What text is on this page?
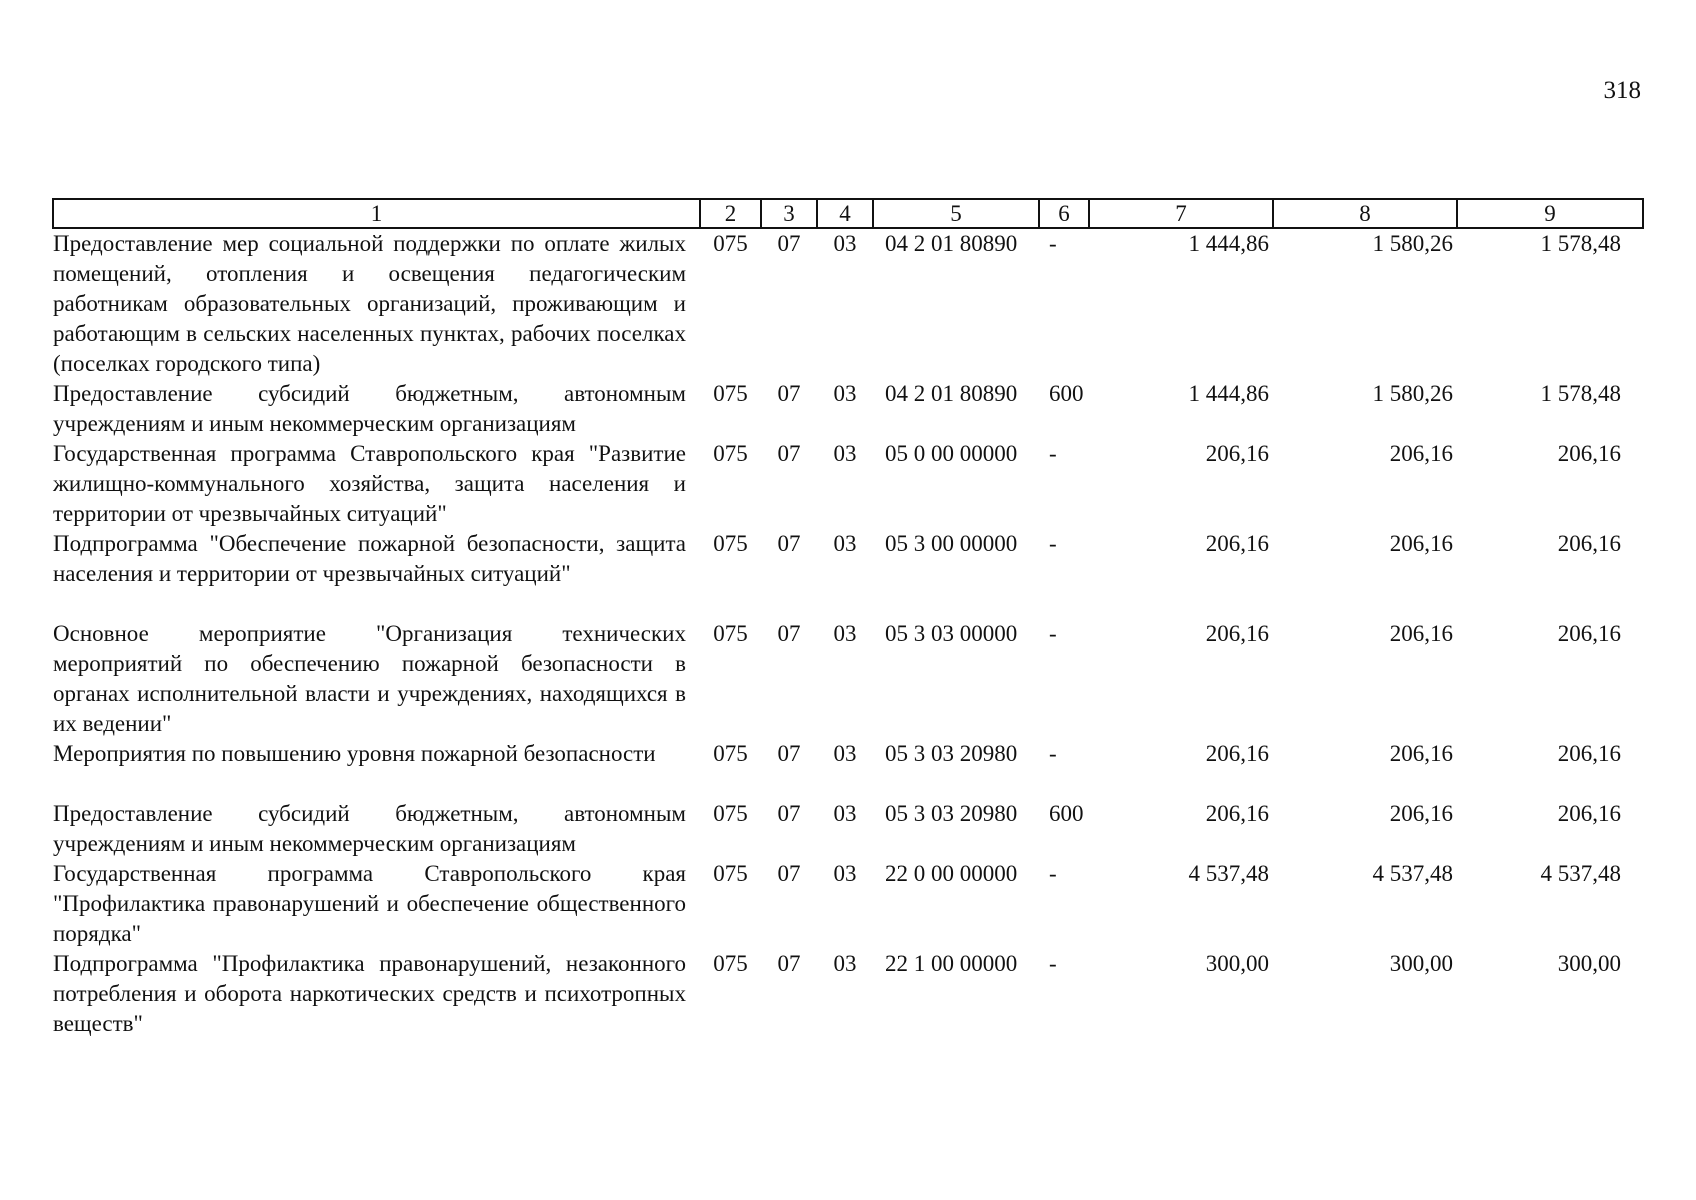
318
1	2	3	4	5	6	7	8	9
Предоставление мер социальной поддержки по оплате жилых помещений, отопления и освещения педагогическим работникам образовательных организаций, проживающим и работающим в сельских населенных пунктах, рабочих поселках (поселках городского типа)	075	07	03	04 2 01 80890	-	1 444,86	1 580,26	1 578,48
Предоставление субсидий бюджетным, автономным учреждениям и иным некоммерческим организациям	075	07	03	04 2 01 80890	600	1 444,86	1 580,26	1 578,48
Государственная программа Ставропольского края "Развитие жилищно-коммунального хозяйства, защита населения и территории от чрезвычайных ситуаций"	075	07	03	05 0 00 00000	-	206,16	206,16	206,16
Подпрограмма "Обеспечение пожарной безопасности, защита населения и территории от чрезвычайных ситуаций"	075	07	03	05 3 00 00000	-	206,16	206,16	206,16
Основное мероприятие "Организация технических мероприятий по обеспечению пожарной безопасности в органах исполнительной власти и учреждениях, находящихся в их ведении"	075	07	03	05 3 03 00000	-	206,16	206,16	206,16
Мероприятия по повышению уровня пожарной безопасности	075	07	03	05 3 03 20980	-	206,16	206,16	206,16
Предоставление субсидий бюджетным, автономным учреждениям и иным некоммерческим организациям	075	07	03	05 3 03 20980	600	206,16	206,16	206,16
Государственная программа Ставропольского края "Профилактика правонарушений и обеспечение общественного порядка"	075	07	03	22 0 00 00000	-	4 537,48	4 537,48	4 537,48
Подпрограмма "Профилактика правонарушений, незаконного потребления и оборота наркотических средств и психотропных веществ"	075	07	03	22 1 00 00000	-	300,00	300,00	300,00
